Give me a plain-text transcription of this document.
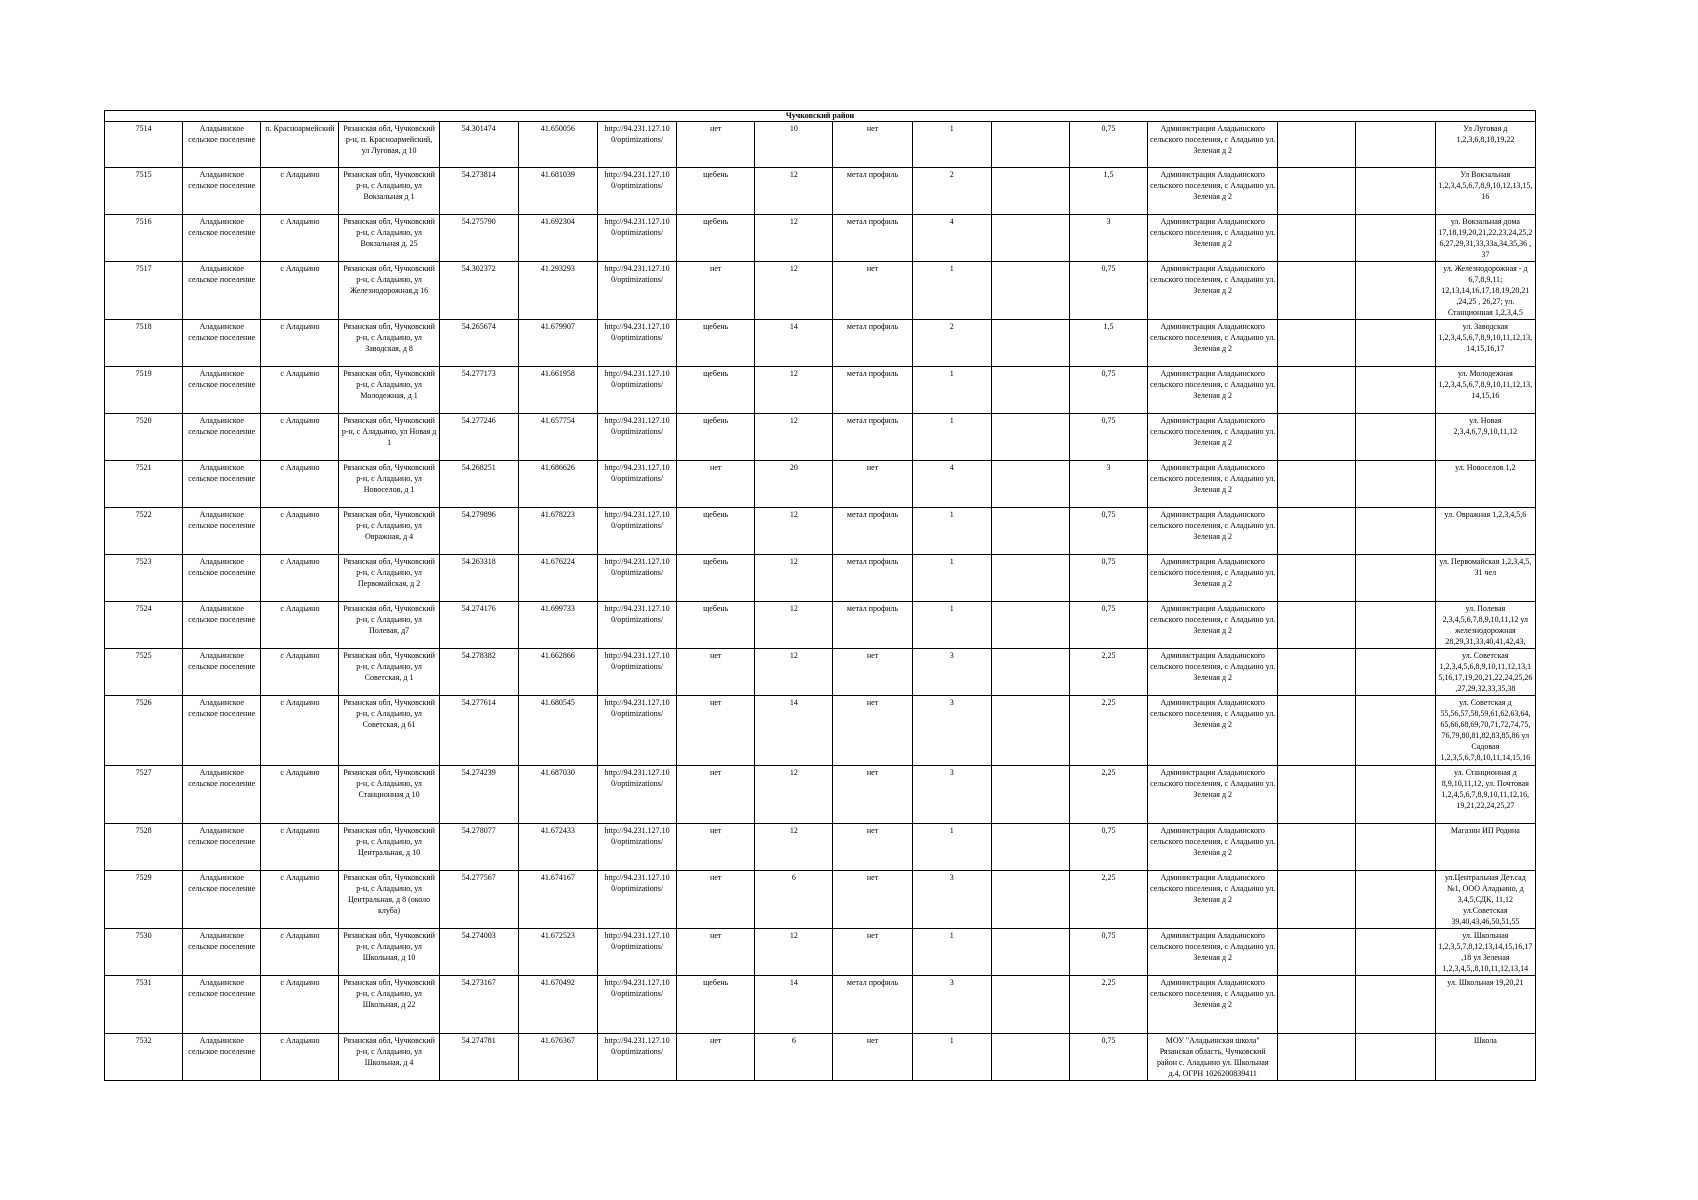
Чучковский район																
7514	Аладьинское сельское поселение	п. Красноармейский	Рязанская обл, Чучковский р-н, п. Красноармейский, ул Луговая, д 10	54.301474	41.650056	http://94.231.127.10 0/optimizations/	нет	10	нет	1		0,75	Администрация Аладьинского сельского поселения, с Аладьино ул. Зеленая д 2			Ул Луговая д 1,2,3,6,8,18,19,22
7515	Аладьинское сельское поселение	с Аладьино	Рязанская обл, Чучковский р-н, с Аладьино, ул Вокзальная д 1	54.273814	41.681039	http://94.231.127.10 0/optimizations/	щебень	12	метал профиль	2		1,5	Администрация Аладьинского сельского поселения, с Аладьино ул. Зеленая д 2			Ул Вокзальная 1,2,3,4,5,6,7,8,9,10,12,13,15,16
7516	Аладьинское сельское поселение	с Аладьино	Рязанская обл, Чучковский р-н, с Аладьино, ул Вокзальная д. 25	54.275790	41.692304	http://94.231.127.10 0/optimizations/	щебень	12	метал профиль	4		3	Администрация Аладьинского сельского поселения, с Аладьино ул. Зеленая д 2			ул. Вокзальная дома 17,18,19,20,21,22,23,24,25,26,27,29,31,33,33а,34,35,36 , 37
7517	Аладьинское сельское поселение	с Аладьино	Рязанская обл, Чучковский р-н, с Аладьино, ул Железнодорожная,д 16	54.302372	41.293293	http://94.231.127.10 0/optimizations/	нет	12	нет	1		0,75	Администрация Аладьинского сельского поселения, с Аладьино ул. Зеленая д 2			ул. Железнодорожная - д 6,7,8,9,11; 12,13,14,16,17,18,19,20,21 ,24,25 , 26,27; ул. Станционная 1,2,3,4,5
7518	Аладьинское сельское поселение	с Аладьино	Рязанская обл, Чучковский р-н, с Аладьино, ул Заводская, д 8	54.265674	41.679907	http://94.231.127.10 0/optimizations/	щебень	14	метал профиль	2		1,5	Администрация Аладьинского сельского поселения, с Аладьино ул. Зеленая д 2			ул. Заводская 1,2,3,4,5,6,7,8,9,10,11,12,13,14,15,16,17
7519	Аладьинское сельское поселение	с Аладьино	Рязанская обл, Чучковский р-н, с Аладьино, ул Молодежная, д 1	54.277173	41.661958	http://94.231.127.10 0/optimizations/	щебень	12	метал профиль	1		0,75	Администрация Аладьинского сельского поселения, с Аладьино ул. Зеленая д 2			ул. Молодежная 1,2,3,4,5,6,7,8,9,10,11,12,13,14,15,16
7520	Аладьинское сельское поселение	с Аладьино	Рязанская обл, Чучковский р-н, с Аладьино, ул Новая д 1	54.277246	41.657754	http://94.231.127.10 0/optimizations/	щебень	12	метал профиль	1		0,75	Администрация Аладьинского сельского поселения, с Аладьино ул. Зеленая д 2			ул. Новая 2,3,4,6,7,9,10,11,12
7521	Аладьинское сельское поселение	с Аладьино	Рязанская обл, Чучковский р-н, с Аладьино, ул Новоселов, д 1	54.268251	41.686626	http://94.231.127.10 0/optimizations/	нет	20	нет	4		3	Администрация Аладьинского сельского поселения, с Аладьино ул. Зеленая д 2			ул. Новоселов 1,2
7522	Аладьинское сельское поселение	с Аладьино	Рязанская обл, Чучковский р-н, с Аладьино, ул Овражная, д 4	54.279896	41.678223	http://94.231.127.10 0/optimizations/	щебень	12	метал профиль	1		0,75	Администрация Аладьинского сельского поселения, с Аладьино ул. Зеленая д 2			ул. Овражная 1,2,3,4,5,6
7523	Аладьинское сельское поселение	с Аладьино	Рязанская обл, Чучковский р-н, с Аладьино, ул Первомайская, д 2	54.263318	41.676224	http://94.231.127.10 0/optimizations/	щебень	12	метал профиль	1		0,75	Администрация Аладьинского сельского поселения, с Аладьино ул. Зеленая д 2			ул. Первомайская 1,2,3,4,5, 31 чел
7524	Аладьинское сельское поселение	с Аладьино	Рязанская обл, Чучковский р-н, с Аладьино, ул Полевая, д7	54.274176	41.699733	http://94.231.127.10 0/optimizations/	щебень	12	метал профиль	1		0,75	Администрация Аладьинского сельского поселения, с Аладьино ул. Зеленая д 2			ул. Полевая 2,3,4,5,6,7,8,9,10,11,12 ул железнодорожная 28,29,31,33,40,41,42,43,
7525	Аладьинское сельское поселение	с Аладьино	Рязанская обл, Чучковский р-н, с Аладьино, ул Советская, д 1	54.278382	41.662866	http://94.231.127.10 0/optimizations/	нет	12	нет	3		2,25	Администрация Аладьинского сельского поселения, с Аладьино ул. Зеленая д 2			ул. Советская 1,2,3,4,5,6,8,9,10,11,12,13,15,16,17,19,20,21,22,24,25,26,27,29,32,33,35,38
7526	Аладьинское сельское поселение	с Аладьино	Рязанская обл, Чучковский р-н, с Аладьино, ул Советская, д 61	54.277614	41.680545	http://94.231.127.10 0/optimizations/	нет	14	нет	3		2,25	Администрация Аладьинского сельского поселения, с Аладьино ул. Зеленая д 2			ул. Советская д 55,56,57,58,59,61,62,63,64, 65,66,68,69,70,71,72,74,75, 76,79,80,81,82,83,85,86 ул Садовая 1,2,3,5,6,7,8,10,11,14,15,16
7527	Аладьинское сельское поселение	с Аладьино	Рязанская обл, Чучковский р-н, с Аладьино, ул Станционная д 10	54.274239	41.687030	http://94.231.127.10 0/optimizations/	нет	12	нет	3		2,25	Администрация Аладьинского сельского поселения, с Аладьино ул. Зеленая д 2			ул. Станционная д 8,9,10,11,12, ул. Почтовая 1,2,4,5,6,7,8,9,10,11,12,16, 19,21,22,24,25,27
7528	Аладьинское сельское поселение	с Аладьино	Рязанская обл, Чучковский р-н, с Аладьино, ул Центральная, д 10	54.278077	41.672433	http://94.231.127.10 0/optimizations/	нет	12	нет	1		0,75	Администрация Аладьинского сельского поселения, с Аладьино ул. Зеленая д 2			Магазин ИП Родина
7529	Аладьинское сельское поселение	с Аладьино	Рязанская обл, Чучковский р-н, с Аладьино, ул Центральная, д 8 (около клуба)	54.277567	41.674167	http://94.231.127.10 0/optimizations/	нет	6	нет	3		2,25	Администрация Аладьинского сельского поселения, с Аладьино ул. Зеленая д 2			ул.Центральная Дет.сад №1, ООО Аладьино, д 3,4,5,СДК, 11,12 ул.Советская 39,40,43,46,50,51,55
7530	Аладьинское сельское поселение	с Аладьино	Рязанская обл, Чучковский р-н, с Аладьино, ул Школьная, д 10	54.274003	41.672523	http://94.231.127.10 0/optimizations/	нет	12	нет	1		0,75	Администрация Аладьинского сельского поселения, с Аладьино ул. Зеленая д 2			ул. Школьная 1,2,3,5,7,8,12,13,14,15,16,17,18 ул Зеленая 1,2,3,4,5,,8,10,11,12,13,14
7531	Аладьинское сельское поселение	с Аладьино	Рязанская обл, Чучковский р-н, с Аладьино, ул Школьная, д 22	54.273167	41.670492	http://94.231.127.10 0/optimizations/	щебень	14	метал профиль	3		2,25	Администрация Аладьинского сельского поселения, с Аладьино ул. Зеленая д 2			ул. Школьная 19,20,21
7532	Аладьинское сельское поселение	с Аладьино	Рязанская обл, Чучковский р-н, с Аладьино, ул Школьная, д 4	54.274781	41.676367	http://94.231.127.10 0/optimizations/	нет	6	нет	1		0,75	МОУ "Аладьинская школа" Рязанская область, Чучковский район с. Аладьино ул. Школьная д.4, ОГРН 1026200839411			Школа
